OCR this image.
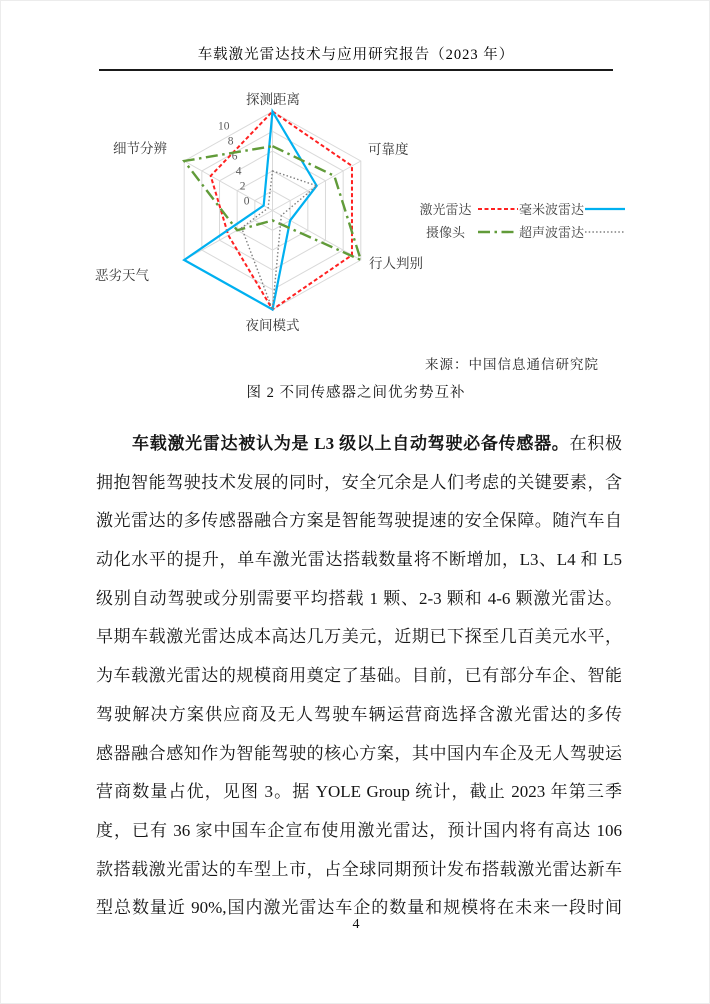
车载激光雷达技术与应用研究报告（2023 年）
0
2
4
6
8
10
探测距离
可靠度
行人判别
夜间模式
恶劣天气
细节分辨
激光雷达	毫米波雷达
摄像头	超声波雷达
来源：中国信息通信研究院
图 2 不同传感器之间优劣势互补
车载激光雷达被认为是 L3 级以上自动驾驶必备传感器。在积极
拥抱智能驾驶技术发展的同时，安全冗余是人们考虑的关键要素，含
激光雷达的多传感器融合方案是智能驾驶提速的安全保障。随汽车自
动化水平的提升，单车激光雷达搭载数量将不断增加，L3、L4 和 L5
级别自动驾驶或分别需要平均搭载 1 颗、2-3 颗和 4-6 颗激光雷达。
早期车载激光雷达成本高达几万美元，近期已下探至几百美元水平，
为车载激光雷达的规模商用奠定了基础。目前，已有部分车企、智能
驾驶解决方案供应商及无人驾驶车辆运营商选择含激光雷达的多传
感器融合感知作为智能驾驶的核心方案，其中国内车企及无人驾驶运
营商数量占优，见图 3。据 YOLE Group 统计，截止 2023 年第三季
度，已有 36 家中国车企宣布使用激光雷达，预计国内将有高达 106
款搭载激光雷达的车型上市，占全球同期预计发布搭载激光雷达新车
型总数量近 90%,国内激光雷达车企的数量和规模将在未来一段时间
4
